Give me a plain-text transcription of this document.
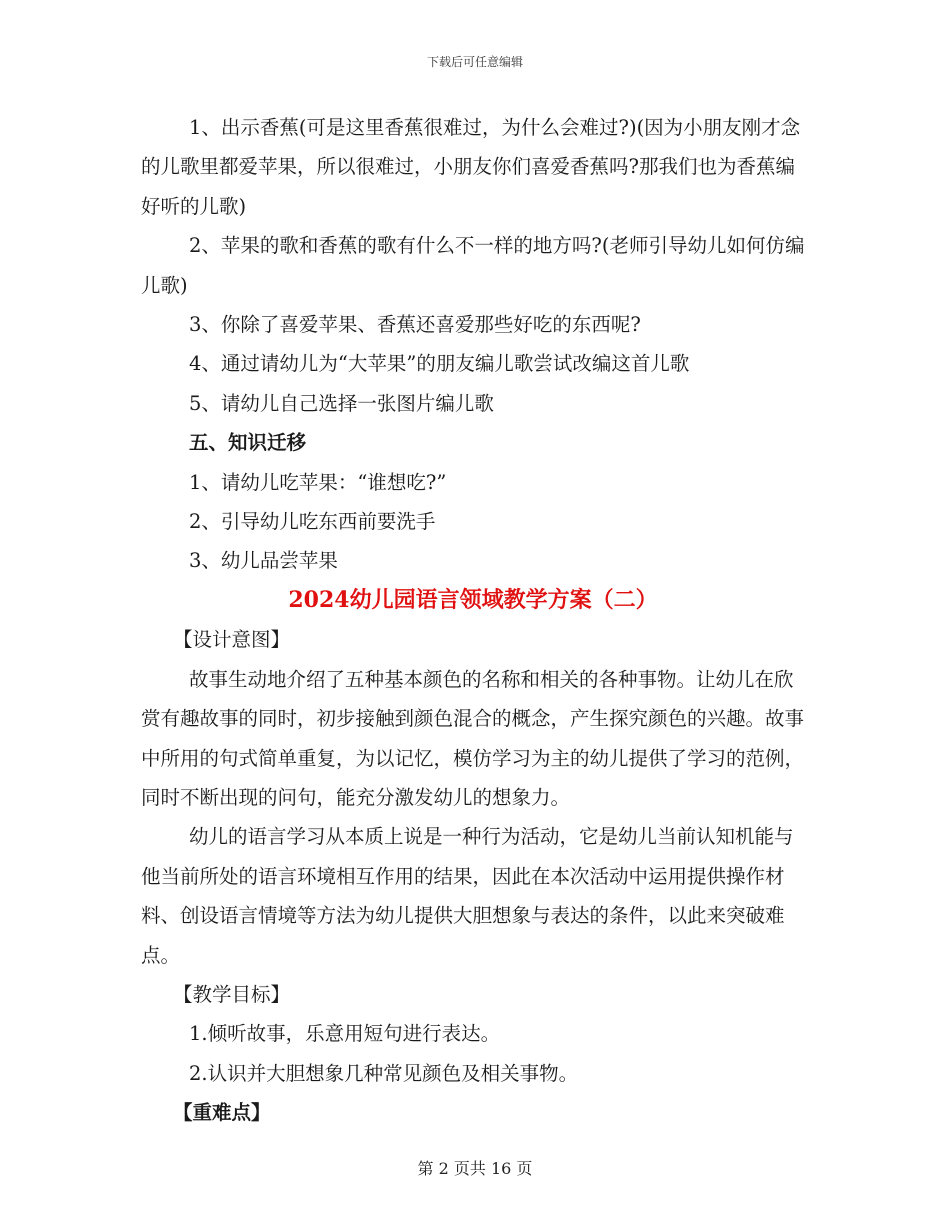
下载后可任意编辑

1、出示香蕉(可是这里香蕉很难过，为什么会难过?)(因为小朋友刚才念的儿歌里都爱苹果，所以很难过，小朋友你们喜爱香蕉吗?那我们也为香蕉编好听的儿歌)

2、苹果的歌和香蕉的歌有什么不一样的地方吗?(老师引导幼儿如何仿编儿歌)

3、你除了喜爱苹果、香蕉还喜爱那些好吃的东西呢?

4、通过请幼儿为“大苹果”的朋友编儿歌尝试改编这首儿歌

5、请幼儿自己选择一张图片编儿歌

五、知识迁移

1、请幼儿吃苹果：“谁想吃?”

2、引导幼儿吃东西前要洗手

3、幼儿品尝苹果

2024幼儿园语言领域教学方案（二）

【设计意图】

故事生动地介绍了五种基本颜色的名称和相关的各种事物。让幼儿在欣赏有趣故事的同时，初步接触到颜色混合的概念，产生探究颜色的兴趣。故事中所用的句式简单重复，为以记忆，模仿学习为主的幼儿提供了学习的范例，同时不断出现的问句，能充分激发幼儿的想象力。

幼儿的语言学习从本质上说是一种行为活动，它是幼儿当前认知机能与他当前所处的语言环境相互作用的结果，因此在本次活动中运用提供操作材料、创设语言情境等方法为幼儿提供大胆想象与表达的条件，以此来突破难点。

【教学目标】

1.倾听故事，乐意用短句进行表达。

2.认识并大胆想象几种常见颜色及相关事物。

【重难点】

第 2 页共 16 页
